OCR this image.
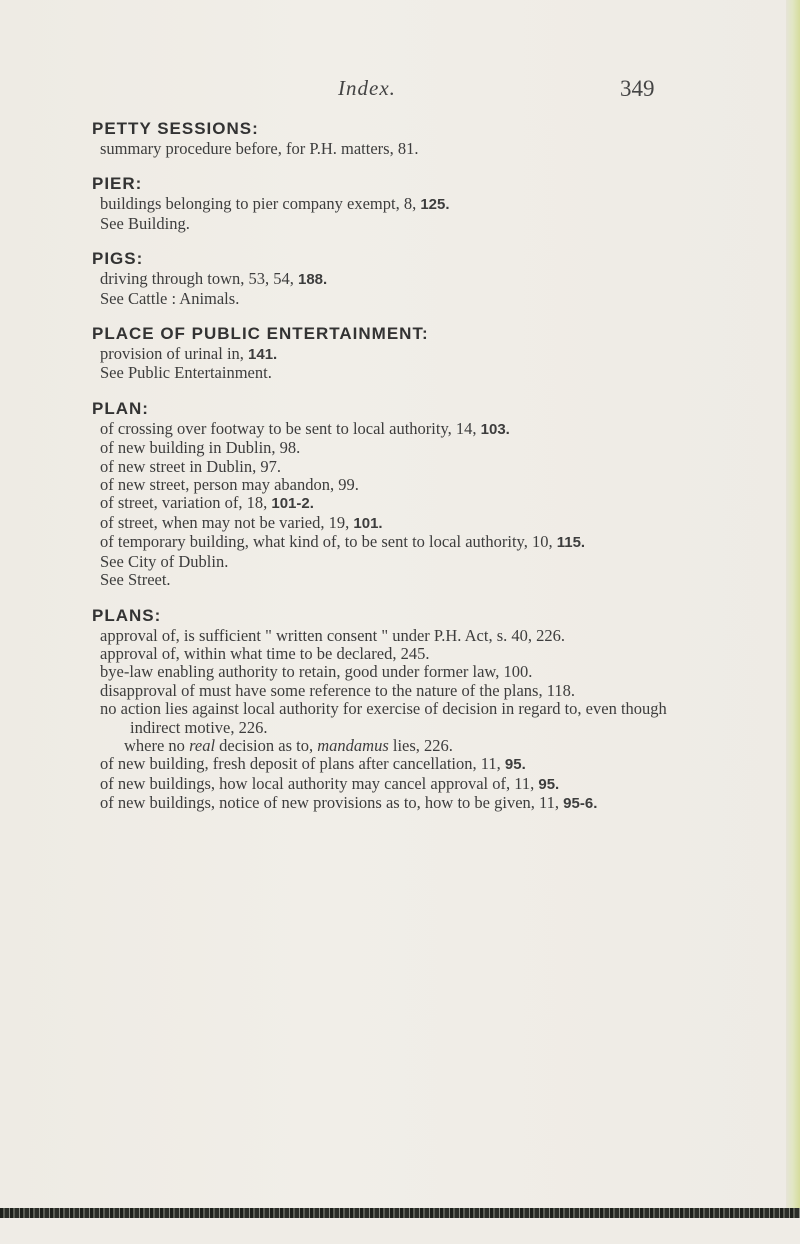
Index.	349
PETTY SESSIONS:
summary procedure before, for P.H. matters, 81.
PIER:
buildings belonging to pier company exempt, 8, 125.
See Building.
PIGS:
driving through town, 53, 54, 188.
See Cattle : Animals.
PLACE OF PUBLIC ENTERTAINMENT:
provision of urinal in, 141.
See Public Entertainment.
PLAN:
of crossing over footway to be sent to local authority, 14, 103.
of new building in Dublin, 98.
of new street in Dublin, 97.
of new street, person may abandon, 99.
of street, variation of, 18, 101-2.
of street, when may not be varied, 19, 101.
of temporary building, what kind of, to be sent to local authority, 10, 115.
See City of Dublin.
See Street.
PLANS:
approval of, is sufficient " written consent " under P.H. Act, s. 40, 226.
approval of, within what time to be declared, 245.
bye-law enabling authority to retain, good under former law, 100.
disapproval of must have some reference to the nature of the plans, 118.
no action lies against local authority for exercise of decision in regard to, even though indirect motive, 226.
where no real decision as to, mandamus lies, 226.
of new building, fresh deposit of plans after cancellation, 11, 95.
of new buildings, how local authority may cancel approval of, 11, 95.
of new buildings, notice of new provisions as to, how to be given, 11, 95-6.
